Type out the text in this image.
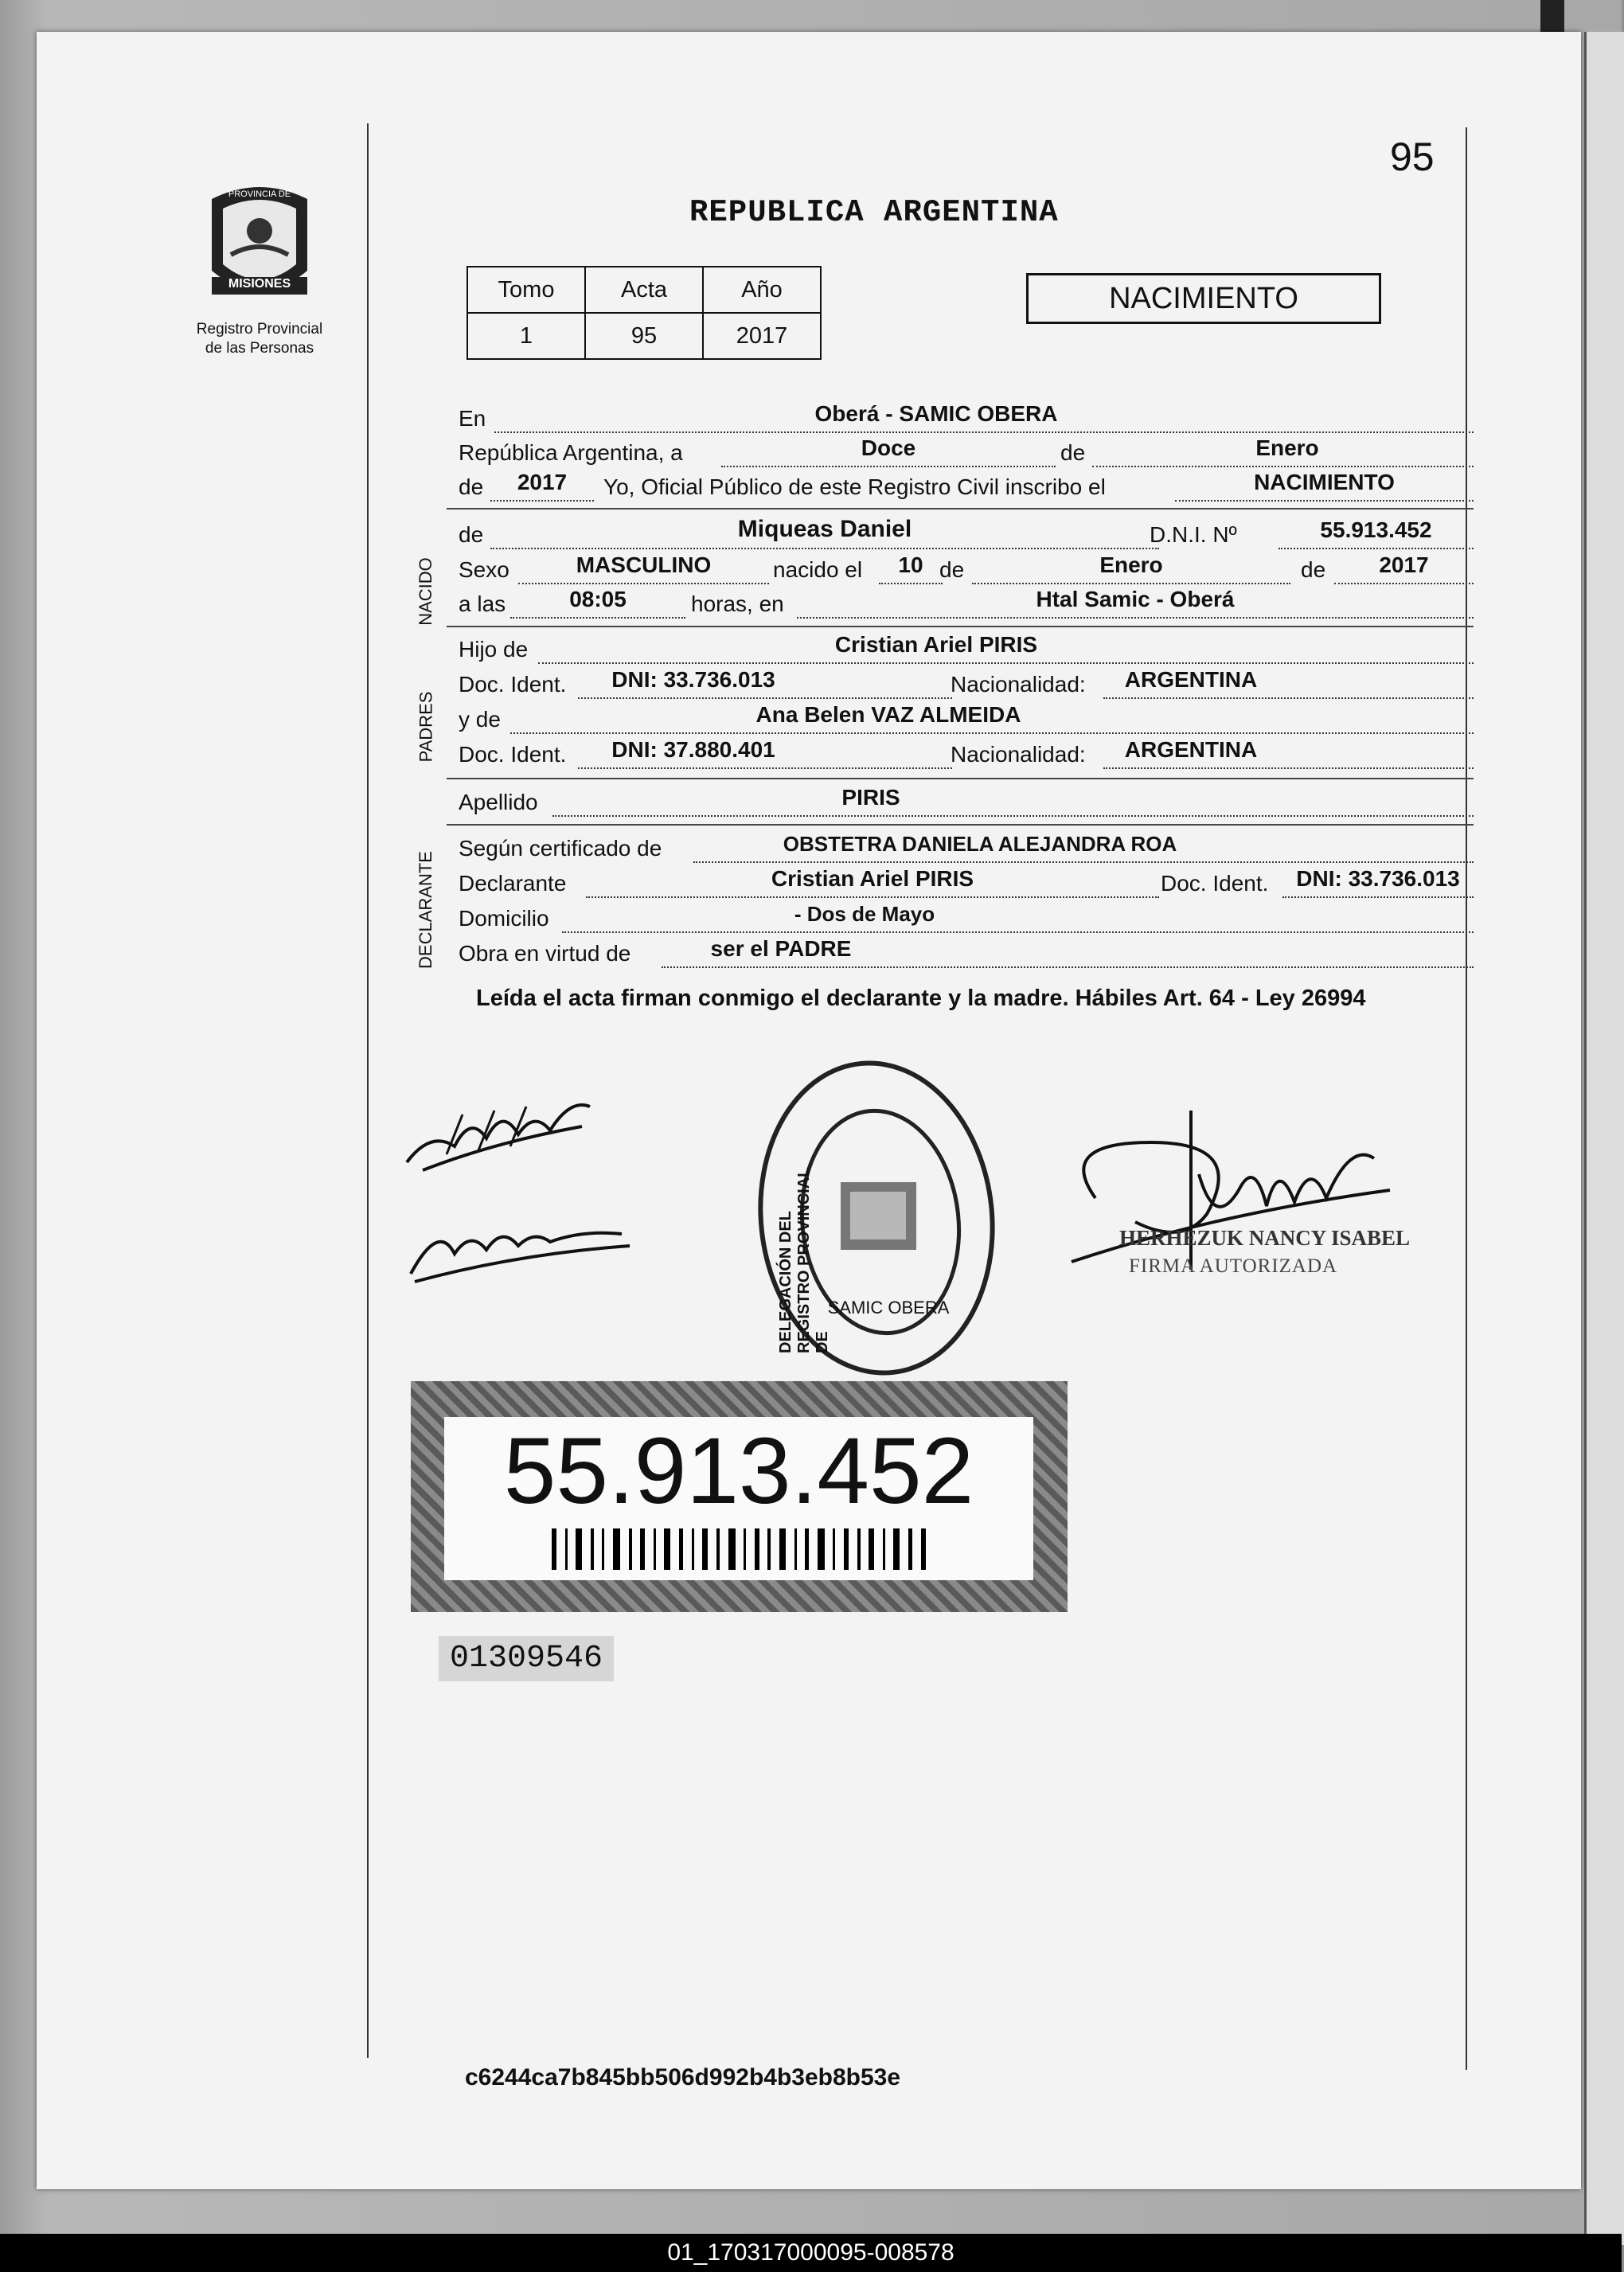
95
MISIONES
PROVINCIA DE
Registro Provincial
de las Personas
REPUBLICA ARGENTINA
Tomo	Acta	Año
1	95	2017
NACIMIENTO
En	Oberá - SAMIC OBERA
República Argentina, a	Doce	de	Enero
de	2017	Yo, Oficial Público de este Registro Civil inscribo el	NACIMIENTO
NACIDO
de	Miqueas Daniel	D.N.I. Nº	55.913.452
Sexo	MASCULINO	nacido el	10 de	Enero	de	2017
a las	08:05	horas, en	Htal Samic - Oberá
PADRES
Hijo de	Cristian Ariel PIRIS
Doc. Ident.	DNI: 33.736.013	Nacionalidad:	ARGENTINA
y de	Ana Belen VAZ ALMEIDA
Doc. Ident.	DNI: 37.880.401	Nacionalidad:	ARGENTINA
Apellido	PIRIS
DECLARANTE
Según certificado de	OBSTETRA DANIELA ALEJANDRA ROA
Declarante	Cristian Ariel PIRIS	Doc. Ident.	DNI: 33.736.013
Domicilio	- Dos de Mayo
Obra en virtud de	ser el PADRE
Leída el acta firman conmigo el declarante y la madre. Hábiles Art. 64 - Ley 26994
DELEGACIÓN DEL REGISTRO PROVINCIAL DE
SAMIC OBERA
HERHEZUK NANCY ISABEL
FIRMA AUTORIZADA
55.913.452
01309546
c6244ca7b845bb506d992b4b3eb8b53e
01_170317000095-008578
